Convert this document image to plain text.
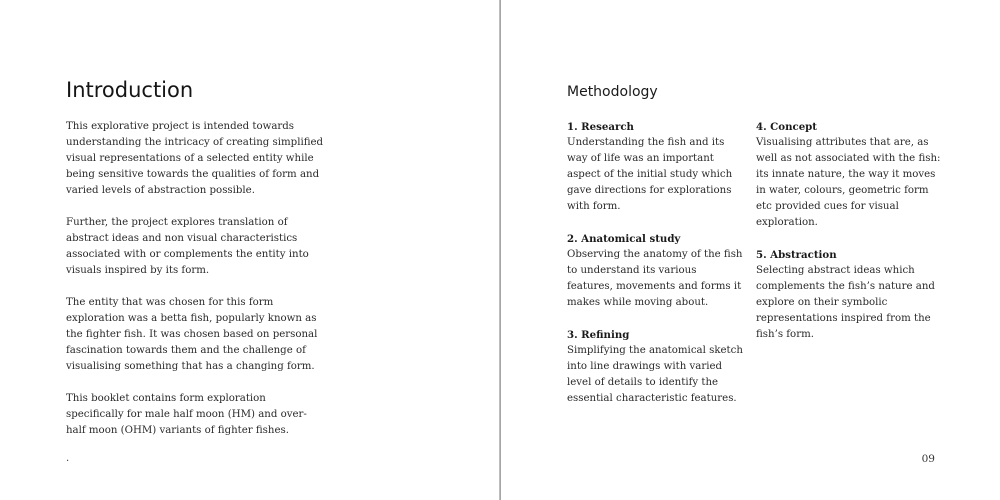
Introduction

This explorative project is intended towards understanding the intricacy of creating simplified visual representations of a selected entity while being sensitive towards the qualities of form and varied levels of abstraction possible.

Further, the project explores translation of abstract ideas and non visual characteristics associated with or complements the entity into visuals inspired by its form.

The entity that was chosen for this form exploration was a betta fish, popularly known as the fighter fish. It was chosen based on personal fascination towards them and the challenge of visualising something that has a changing form.

This booklet contains form exploration specifically for male half moon (HM) and over-half moon (OHM) variants of fighter fishes.

.
Methodology

1. Research

Understanding the fish and its way of life was an important aspect of the initial study which gave directions for explorations with form.

2. Anatomical study

Observing the anatomy of the fish to understand its various features, movements and forms it makes while moving about.

3. Refining

Simplifying the anatomical sketch into line drawings with varied level of details to identify the essential characteristic features.

4. Concept

Visualising attributes that are, as well as not associated with the fish: its innate nature, the way it moves in water, colours, geometric form etc provided cues for visual exploration.

5. Abstraction

Selecting abstract ideas which complements the fish’s nature and explore on their symbolic representations inspired from the fish’s form.

09
